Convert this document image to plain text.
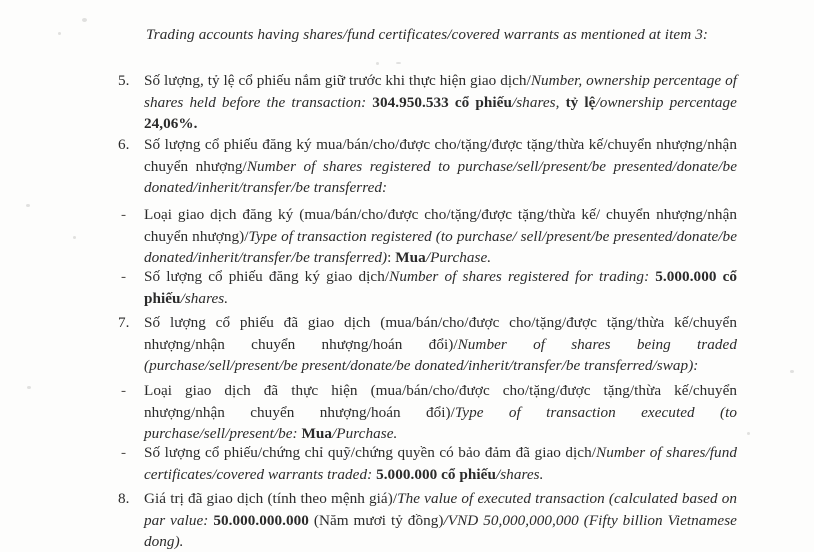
Trading accounts having shares/fund certificates/covered warrants as mentioned at item 3:
5. Số lượng, tỷ lệ cổ phiếu nắm giữ trước khi thực hiện giao dịch/Number, ownership percentage of shares held before the transaction: 304.950.533 cổ phiếu/shares, tỷ lệ/ownership percentage 24,06%.

6. Số lượng cổ phiếu đăng ký mua/bán/cho/được cho/tặng/được tặng/thừa kế/chuyển nhượng/nhận chuyển nhượng/Number of shares registered to purchase/sell/present/be presented/donate/be donated/inherit/transfer/be transferred:

-	Loại giao dịch đăng ký (mua/bán/cho/được cho/tặng/được tặng/thừa kế/ chuyển nhượng/nhận chuyển nhượng)/Type of transaction registered (to purchase/ sell/present/be presented/donate/be donated/inherit/transfer/be transferred): Mua/Purchase.

-	Số lượng cổ phiếu đăng ký giao dịch/Number of shares registered for trading: 5.000.000 cổ phiếu/shares.

7. Số lượng cổ phiếu đã giao dịch (mua/bán/cho/được cho/tặng/được tặng/thừa kế/chuyển nhượng/nhận chuyển nhượng/hoán đổi)/Number of shares being traded (purchase/sell/present/be present/donate/be donated/inherit/transfer/be transferred/swap):

-	Loại giao dịch đã thực hiện (mua/bán/cho/được cho/tặng/được tặng/thừa kế/chuyển nhượng/nhận chuyển nhượng/hoán đổi)/Type of transaction executed (to purchase/sell/present/be: Mua/Purchase.

-	Số lượng cổ phiếu/chứng chỉ quỹ/chứng quyền có bảo đảm đã giao dịch/Number of shares/fund certificates/covered warrants traded: 5.000.000 cổ phiếu/shares.

8. Giá trị đã giao dịch (tính theo mệnh giá)/The value of executed transaction (calculated based on par value: 50.000.000.000 (Năm mươi tỷ đồng)/VND 50,000,000,000 (Fifty billion Vietnamese dong).
